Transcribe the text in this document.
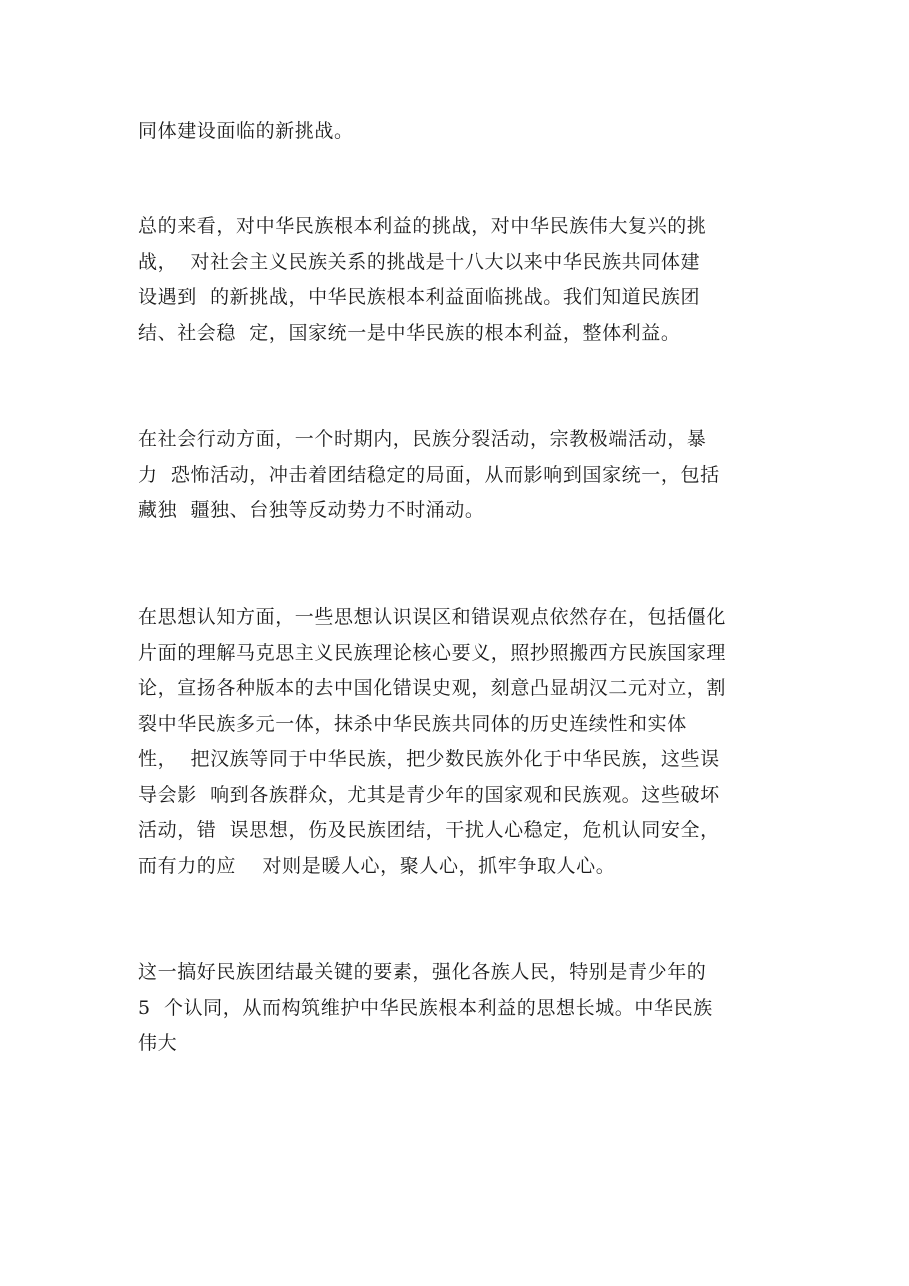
同体建设面临的新挑战。

总的来看，对中华民族根本利益的挑战，对中华民族伟大复兴的挑
战，  对社会主义民族关系的挑战是十八大以来中华民族共同体建
设遇到  的新挑战，中华民族根本利益面临挑战。我们知道民族团
结、社会稳  定，国家统一是中华民族的根本利益，整体利益。

在社会行动方面，一个时期内，民族分裂活动，宗教极端活动，暴
力  恐怖活动，冲击着团结稳定的局面，从而影响到国家统一，包括
藏独  疆独、台独等反动势力不时涌动。

在思想认知方面，一些思想认识误区和错误观点依然存在，包括僵化
片面的理解马克思主义民族理论核心要义，照抄照搬西方民族国家理
论，宣扬各种版本的去中国化错误史观，刻意凸显胡汉二元对立，割
裂中华民族多元一体，抹杀中华民族共同体的历史连续性和实体
性，  把汉族等同于中华民族，把少数民族外化于中华民族，这些误
导会影  响到各族群众，尤其是青少年的国家观和民族观。这些破坏
活动，错  误思想，伤及民族团结，干扰人心稳定，危机认同安全，
而有力的应    对则是暖人心，聚人心，抓牢争取人心。

这一搞好民族团结最关键的要素，强化各族人民，特别是青少年的
5  个认同，从而构筑维护中华民族根本利益的思想长城。中华民族
伟大
